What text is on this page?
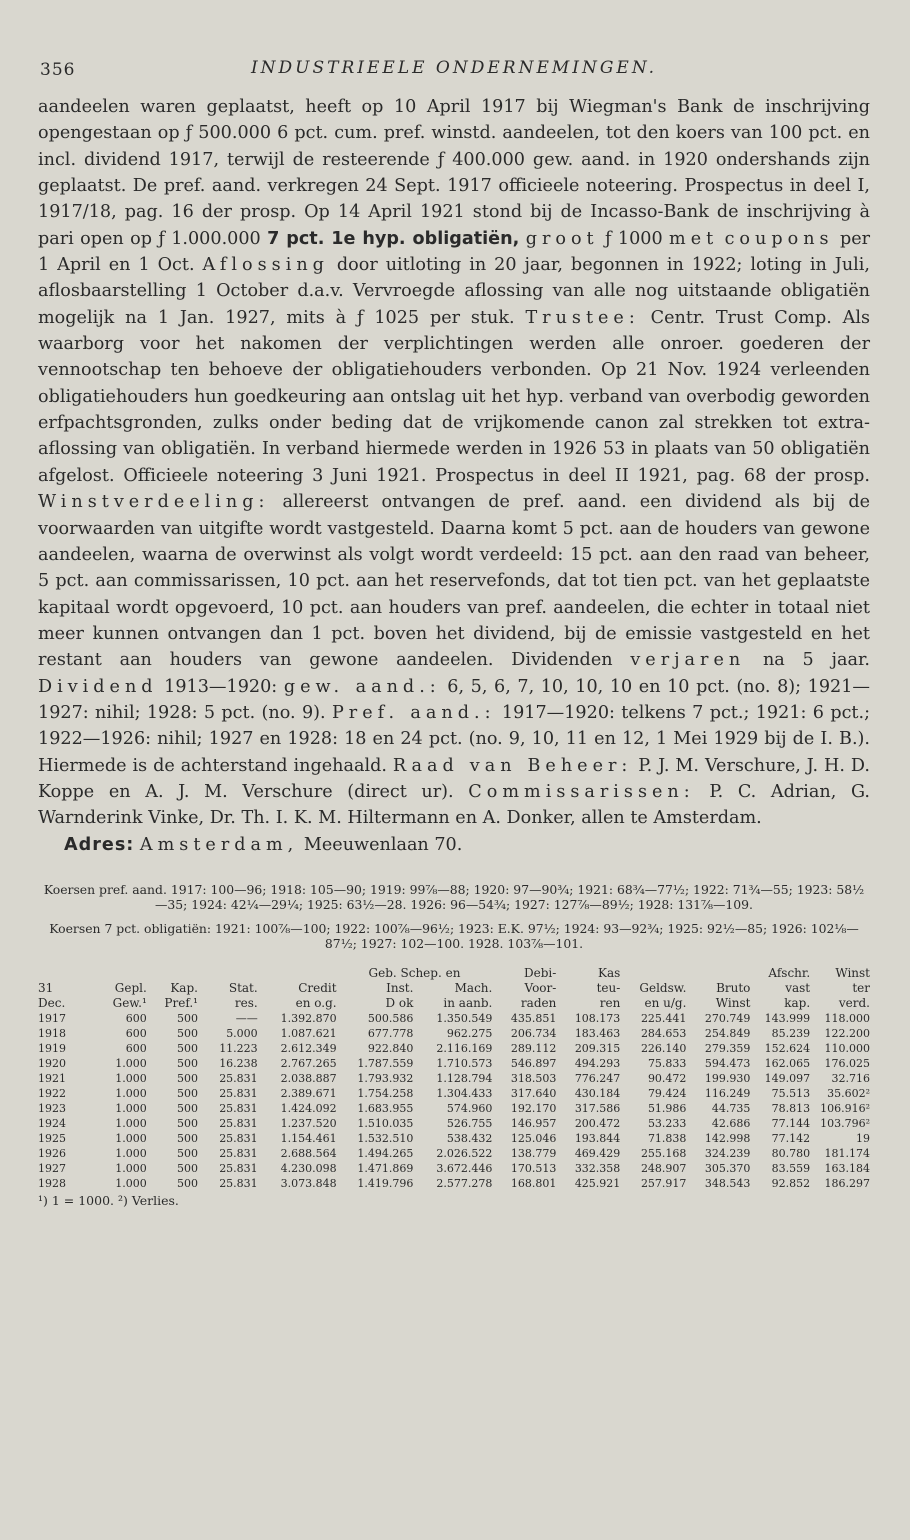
356	INDUSTRIEELE ONDERNEMINGEN.

aandeelen waren geplaatst, heeft op 10 April 1917 bij Wiegman's Bank de inschrijving opengestaan op ƒ 500.000 6 pct. cum. pref. winstd. aandeelen, tot den koers van 100 pct. en incl. dividend 1917, terwijl de resteerende ƒ 400.000 gew. aand. in 1920 ondershands zijn geplaatst. De pref. aand. verkregen 24 Sept. 1917 officieele noteering. Prospectus in deel I, 1917/18, pag. 16 der prosp. Op 14 April 1921 stond bij de Incasso-Bank de inschrijving à pari open op ƒ 1.000.000 7 pct. 1e hyp. obligatiën, groot ƒ 1000 met coupons per 1 April en 1 Oct. Aflossing door uitloting in 20 jaar, begonnen in 1922; loting in Juli, aflosbaarstelling 1 October d.a.v. Vervroegde aflossing van alle nog uitstaande obligatiën mogelijk na 1 Jan. 1927, mits à ƒ 1025 per stuk. Trustee: Centr. Trust Comp. Als waarborg voor het nakomen der verplichtingen werden alle onroer. goederen der vennootschap ten behoeve der obligatiehouders verbonden. Op 21 Nov. 1924 verleenden obligatiehouders hun goedkeuring aan ontslag uit het hyp. verband van overbodig geworden erfpachtsgronden, zulks onder beding dat de vrijkomende canon zal strekken tot extra-aflossing van obligatiën. In verband hiermede werden in 1926 53 in plaats van 50 obligatiën afgelost. Officieele noteering 3 Juni 1921. Prospectus in deel II 1921, pag. 68 der prosp. Winstverdeeling: allereerst ontvangen de pref. aand. een dividend als bij de voorwaarden van uitgifte wordt vastgesteld. Daarna komt 5 pct. aan de houders van gewone aandeelen, waarna de overwinst als volgt wordt verdeeld: 15 pct. aan den raad van beheer, 5 pct. aan commissarissen, 10 pct. aan het reservefonds, dat tot tien pct. van het geplaatste kapitaal wordt opgevoerd, 10 pct. aan houders van pref. aandeelen, die echter in totaal niet meer kunnen ontvangen dan 1 pct. boven het dividend, bij de emissie vastgesteld en het restant aan houders van gewone aandeelen. Dividenden verjaren na 5 jaar. Dividend 1913—1920: gew. aand.: 6, 5, 6, 7, 10, 10, 10 en 10 pct. (no. 8); 1921—1927: nihil; 1928: 5 pct. (no. 9). Pref. aand.: 1917—1920: telkens 7 pct.; 1921: 6 pct.; 1922—1926: nihil; 1927 en 1928: 18 en 24 pct. (no. 9, 10, 11 en 12, 1 Mei 1929 bij de I. B.). Hiermede is de achterstand ingehaald. Raad van Beheer: P. J. M. Verschure, J. H. D. Koppe en A. J. M. Verschure (direct ur). Commissarissen: P. C. Adrian, G. Warnderink Vinke, Dr. Th. I. K. M. Hiltermann en A. Donker, allen te Amsterdam.

Adres: Amsterdam, Meeuwenlaan 70.

Koersen pref. aand. 1917: 100—96; 1918: 105—90; 1919: 99⅞—88; 1920: 97—90¾; 1921: 68¾—77½; 1922: 71¾—55; 1923: 58½—35; 1924: 42¼—29¼; 1925: 63½—28. 1926: 96—54¾; 1927: 127⅞—89½; 1928: 131⅞—109.

Koersen 7 pct. obligatiën: 1921: 100⅞—100; 1922: 100⅞—96½; 1923: E.K. 97½; 1924: 93—92¾; 1925: 92½—85; 1926: 102⅛—87½; 1927: 102—100. 1928. 103⅞—101.

					Geb. Schep. en		Debi-	Kas			Afschr.	Winst
31	Gepl.	Kap.	Stat.	Credit	Inst.	Mach.	Voor-	teu-	Geldsw.	Bruto	vast	ter
Dec.	Gew.¹	Pref.¹	res.	en o.g.	D ok	in aanb.	raden	ren	en u/g.	Winst	kap.	verd.
1917	600	500	——	1.392.870	500.586	1.350.549	435.851	108.173	225.441	270.749	143.999	118.000
1918	600	500	5.000	1.087.621	677.778	962.275	206.734	183.463	284.653	254.849	85.239	122.200
1919	600	500	11.223	2.612.349	922.840	2.116.169	289.112	209.315	226.140	279.359	152.624	110.000
1920	1.000	500	16.238	2.767.265	1.787.559	1.710.573	546.897	494.293	75.833	594.473	162.065	176.025
1921	1.000	500	25.831	2.038.887	1.793.932	1.128.794	318.503	776.247	90.472	199.930	149.097	32.716
1922	1.000	500	25.831	2.389.671	1.754.258	1.304.433	317.640	430.184	79.424	116.249	75.513	35.602²
1923	1.000	500	25.831	1.424.092	1.683.955	574.960	192.170	317.586	51.986	44.735	78.813	106.916²
1924	1.000	500	25.831	1.237.520	1.510.035	526.755	146.957	200.472	53.233	42.686	77.144	103.796²
1925	1.000	500	25.831	1.154.461	1.532.510	538.432	125.046	193.844	71.838	142.998	77.142	19
1926	1.000	500	25.831	2.688.564	1.494.265	2.026.522	138.779	469.429	255.168	324.239	80.780	181.174
1927	1.000	500	25.831	4.230.098	1.471.869	3.672.446	170.513	332.358	248.907	305.370	83.559	163.184
1928	1.000	500	25.831	3.073.848	1.419.796	2.577.278	168.801	425.921	257.917	348.543	92.852	186.297
¹) 1 = 1000. ²) Verlies.
